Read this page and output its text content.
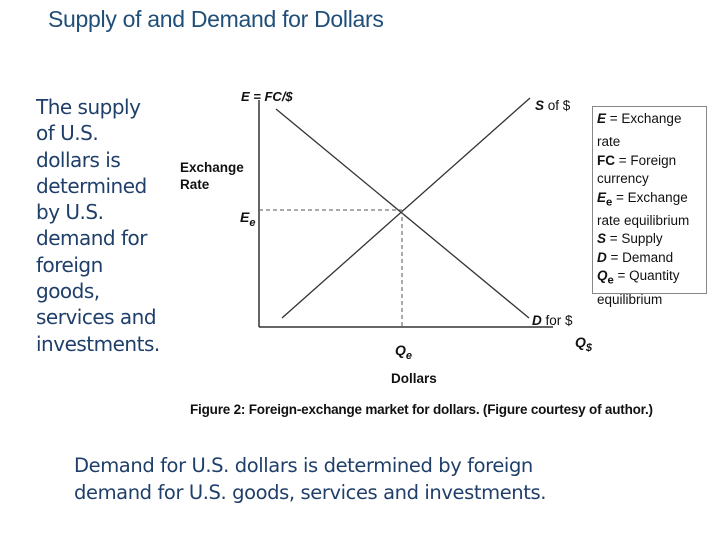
Supply of and Demand for Dollars
The supply
of U.S.
dollars is
determined
by U.S.
demand for
foreign
goods,
services and
investments.
E = FC/$
Exchange
Rate
$E_e$
S of $
D for $
$Q_e$
$Q_{\$}$
Dollars
E = Exchange
rate
FC = Foreign
currency
$E_e$ = Exchange
rate equilibrium
S = Supply
D = Demand
$Q_e$ = Quantity
equilibrium
Figure 2: Foreign-exchange market for dollars. (Figure courtesy of author.)
Demand for U.S. dollars is determined by foreign
demand for U.S. goods, services and investments.
